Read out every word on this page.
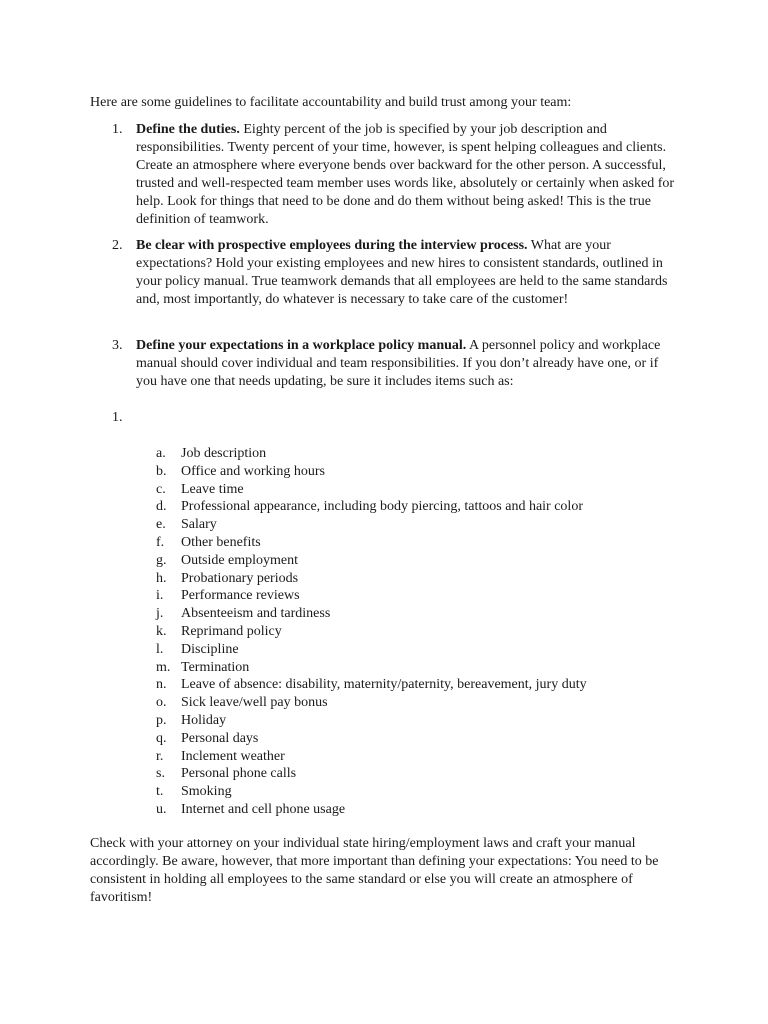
Here are some guidelines to facilitate accountability and build trust among your team:

1. Define the duties. Eighty percent of the job is specified by your job description and responsibilities. Twenty percent of your time, however, is spent helping colleagues and clients. Create an atmosphere where everyone bends over backward for the other person. A successful, trusted and well-respected team member uses words like, absolutely or certainly when asked for help. Look for things that need to be done and do them without being asked! This is the true definition of teamwork.
2. Be clear with prospective employees during the interview process. What are your expectations? Hold your existing employees and new hires to consistent standards, outlined in your policy manual. True teamwork demands that all employees are held to the same standards and, most importantly, do whatever is necessary to take care of the customer!
3. Define your expectations in a workplace policy manual. A personnel policy and workplace manual should cover individual and team responsibilities. If you don’t already have one, or if you have one that needs updating, be sure it includes items such as:
1.
a. Job description
b. Office and working hours
c. Leave time
d. Professional appearance, including body piercing, tattoos and hair color
e. Salary
f. Other benefits
g. Outside employment
h. Probationary periods
i. Performance reviews
j. Absenteeism and tardiness
k. Reprimand policy
l. Discipline
m. Termination
n. Leave of absence: disability, maternity/paternity, bereavement, jury duty
o. Sick leave/well pay bonus
p. Holiday
q. Personal days
r. Inclement weather
s. Personal phone calls
t. Smoking
u. Internet and cell phone usage

Check with your attorney on your individual state hiring/employment laws and craft your manual accordingly. Be aware, however, that more important than defining your expectations: You need to be consistent in holding all employees to the same standard or else you will create an atmosphere of favoritism!
